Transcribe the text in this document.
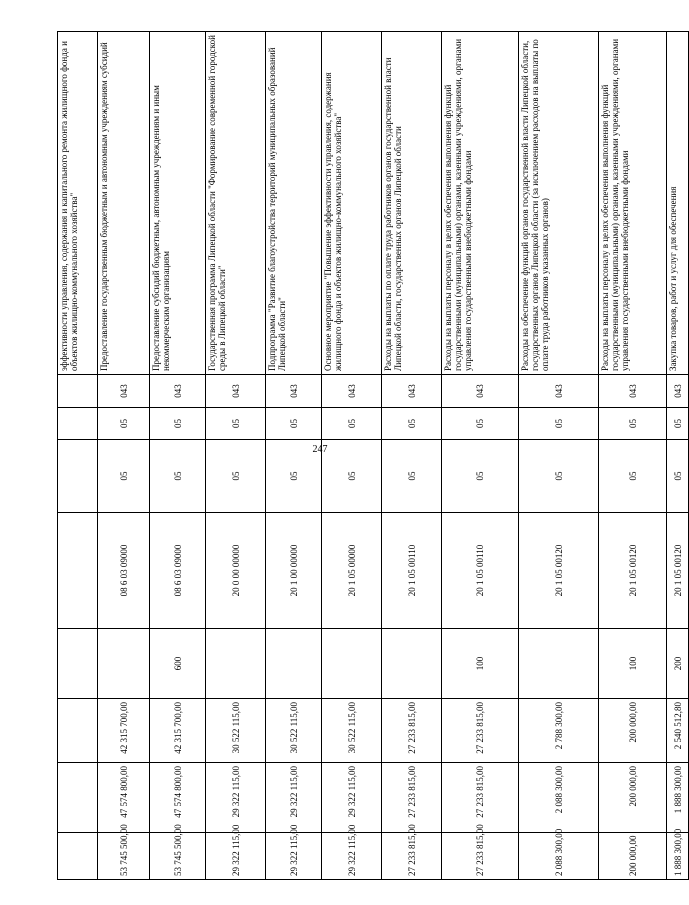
247
								эффективности управления, содержания и капитального ремонта жилищного фонда и объектов жилищно-коммунального хозяйства"
53 745 500,00	47 574 800,00	42 315 700,00		08 6 03 09000	05	05	043	Предоставление государственным бюджетным и автономным учреждениям субсидий
53 745 500,00	47 574 800,00	42 315 700,00	600	08 6 03 09000	05	05	043	Предоставление субсидий бюджетным, автономным учреждениям и иным некоммерческим организациям
29 322 115,00	29 322 115,00	30 522 115,00		20 0 00 00000	05	05	043	Государственная программа Липецкой области "Формирование современной городской среды в Липецкой области"
29 322 115,00	29 322 115,00	30 522 115,00		20 1 00 00000	05	05	043	Подпрограмма "Развитие благоустройства территорий муниципальных образований Липецкой области"
29 322 115,00	29 322 115,00	30 522 115,00		20 1 05 00000	05	05	043	Основное мероприятие "Повышение эффективности управления, содержания жилищного фонда и объектов жилищно-коммунального хозяйства"
27 233 815,00	27 233 815,00	27 233 815,00		20 1 05 00110	05	05	043	Расходы на выплаты по оплате труда работников органов государственной власти Липецкой области, государственных органов Липецкой области
27 233 815,00	27 233 815,00	27 233 815,00	100	20 1 05 00110	05	05	043	Расходы на выплаты персоналу в целях обеспечения выполнения функций государственными (муниципальными) органами, казенными учреждениями, органами управления государственными внебюджетными фондами
2 088 300,00	2 088 300,00	2 788 300,00		20 1 05 00120	05	05	043	Расходы на обеспечение функций органов государственной власти Липецкой области, государственных органов Липецкой области (за исключением расходов на выплаты по оплате труда работников указанных органов)
200 000,00	200 000,00	200 000,00	100	20 1 05 00120	05	05	043	Расходы на выплаты персоналу в целях обеспечения выполнения функций государственными (муниципальными) органами, казенными учреждениями, органами управления государственными внебюджетными фондами
1 888 300,00	1 888 300,00	2 540 512,80	200	20 1 05 00120	05	05	043	Закупка товаров, работ и услуг для обеспечения
